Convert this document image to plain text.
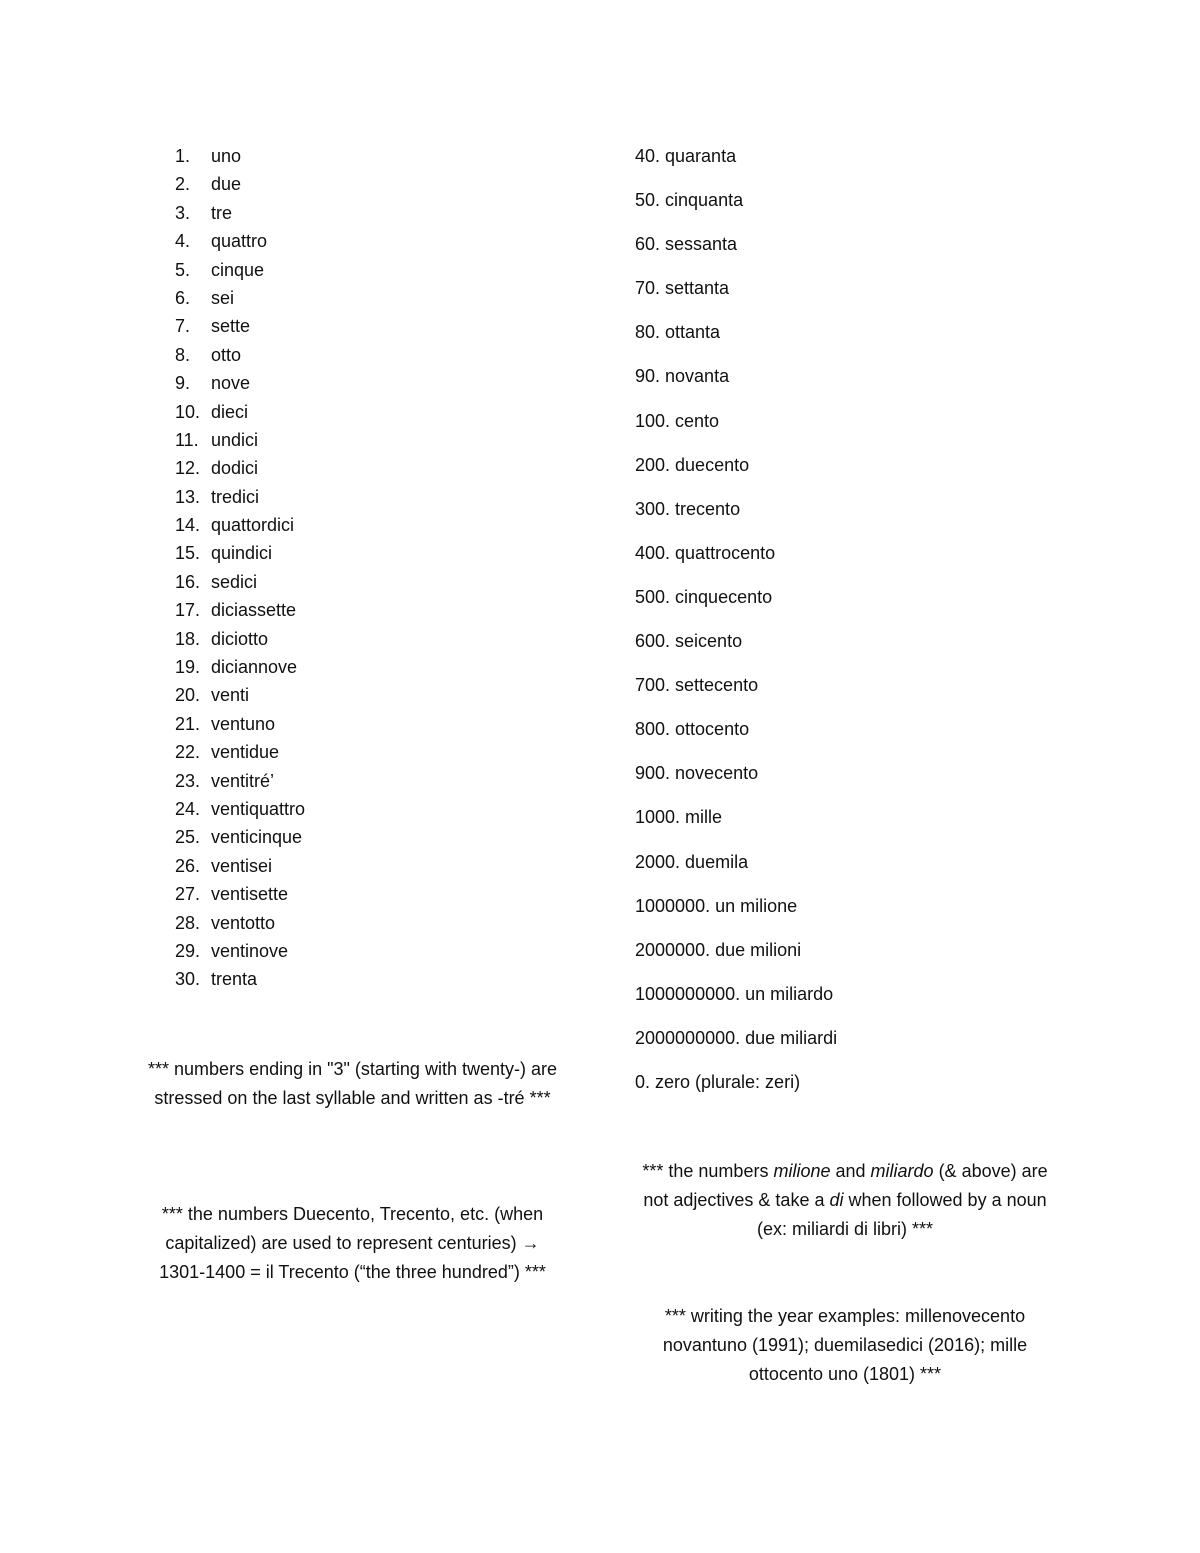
1. uno
2. due
3. tre
4. quattro
5. cinque
6. sei
7. sette
8. otto
9. nove
10. dieci
11. undici
12. dodici
13. tredici
14. quattordici
15. quindici
16. sedici
17. diciassette
18. diciotto
19. diciannove
20. venti
21. ventuno
22. ventidue
23. ventitré’
24. ventiquattro
25. venticinque
26. ventisei
27. ventisette
28. ventotto
29. ventinove
30. trenta
40. quaranta
50. cinquanta
60. sessanta
70. settanta
80. ottanta
90. novanta
100. cento
200. duecento
300. trecento
400. quattrocento
500. cinquecento
600. seicento
700. settecento
800. ottocento
900. novecento
1000. mille
2000. duemila
1000000. un milione
2000000. due milioni
1000000000. un miliardo
2000000000. due miliardi
0. zero (plurale: zeri)
*** numbers ending in "3" (starting with twenty-) are stressed on the last syllable and written as -tré ***
*** the numbers Duecento, Trecento, etc. (when capitalized) are used to represent centuries) → 1301-1400 = il Trecento (“the three hundred”) ***
*** the numbers milione and miliardo (& above) are not adjectives & take a di when followed by a noun (ex: miliardi di libri) ***
*** writing the year examples: millenovecento novantuno (1991); duemilasedici (2016); mille ottocento uno (1801) ***
